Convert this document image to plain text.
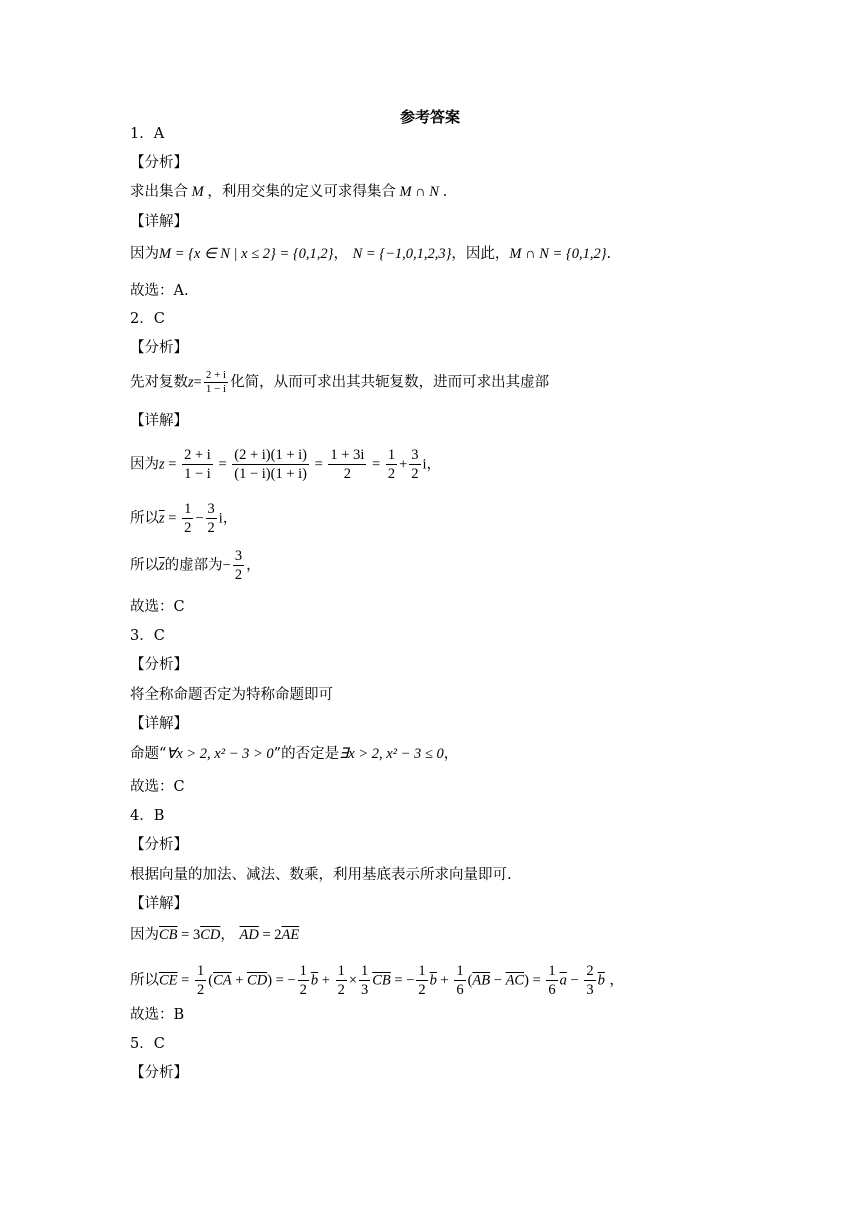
参考答案
1．A
【分析】
求出集合 M ，利用交集的定义可求得集合 M ∩ N .
【详解】
因为M = {x ∈ N | x ≤ 2} = {0,1,2}， N = {−1,0,1,2,3}，因此，M ∩ N = {0,1,2}.
故选：A.
2．C
【分析】
先对复数$z= \frac{2 + i}{1 - i}$ 化简，从而可求出其共轭复数，进而可求出其虚部
【详解】
因为$z = \frac{2 + i}{1 - i} = \frac{(2 + i)(1 + i)}{(1 - i)(1 + i)} = \frac{1 + 3i}{2} = \frac{1}{2} + \frac{3}{2}$ i，
所以$\overline{z} = \frac{1}{2} - \frac{3}{2}$ i，
所以$\overline{z}$的虚部为− $\frac{3}{2}$ ，
故选：C
3．C
【分析】
将全称命题否定为特称命题即可
【详解】
命题“∀x > 2, x² − 3 > 0”的否定是∃x > 2, x² − 3 ≤ 0，
故选：C
4．B
【分析】
根据向量的加法、减法、数乘，利用基底表示所求向量即可.
【详解】
因为$\overline{CB} = 3\overline{CD}$， $\overline{AD} = 2\overline{AE}$
所以$\overline{CE} = \frac{1}{2} (\overline{CA} + \overline{CD})$ = − $\frac{1}{2} \overline{b} + \frac{1}{2} \times \frac{1}{3} \overline{CB}$ = − $\frac{1}{2} \overline{b} + \frac{1}{6} (\overline{AB} - \overline{AC}) = \frac{1}{6} \overline{a} - \frac{2}{3} \overline{b}$ ，
故选：B
5．C
【分析】
